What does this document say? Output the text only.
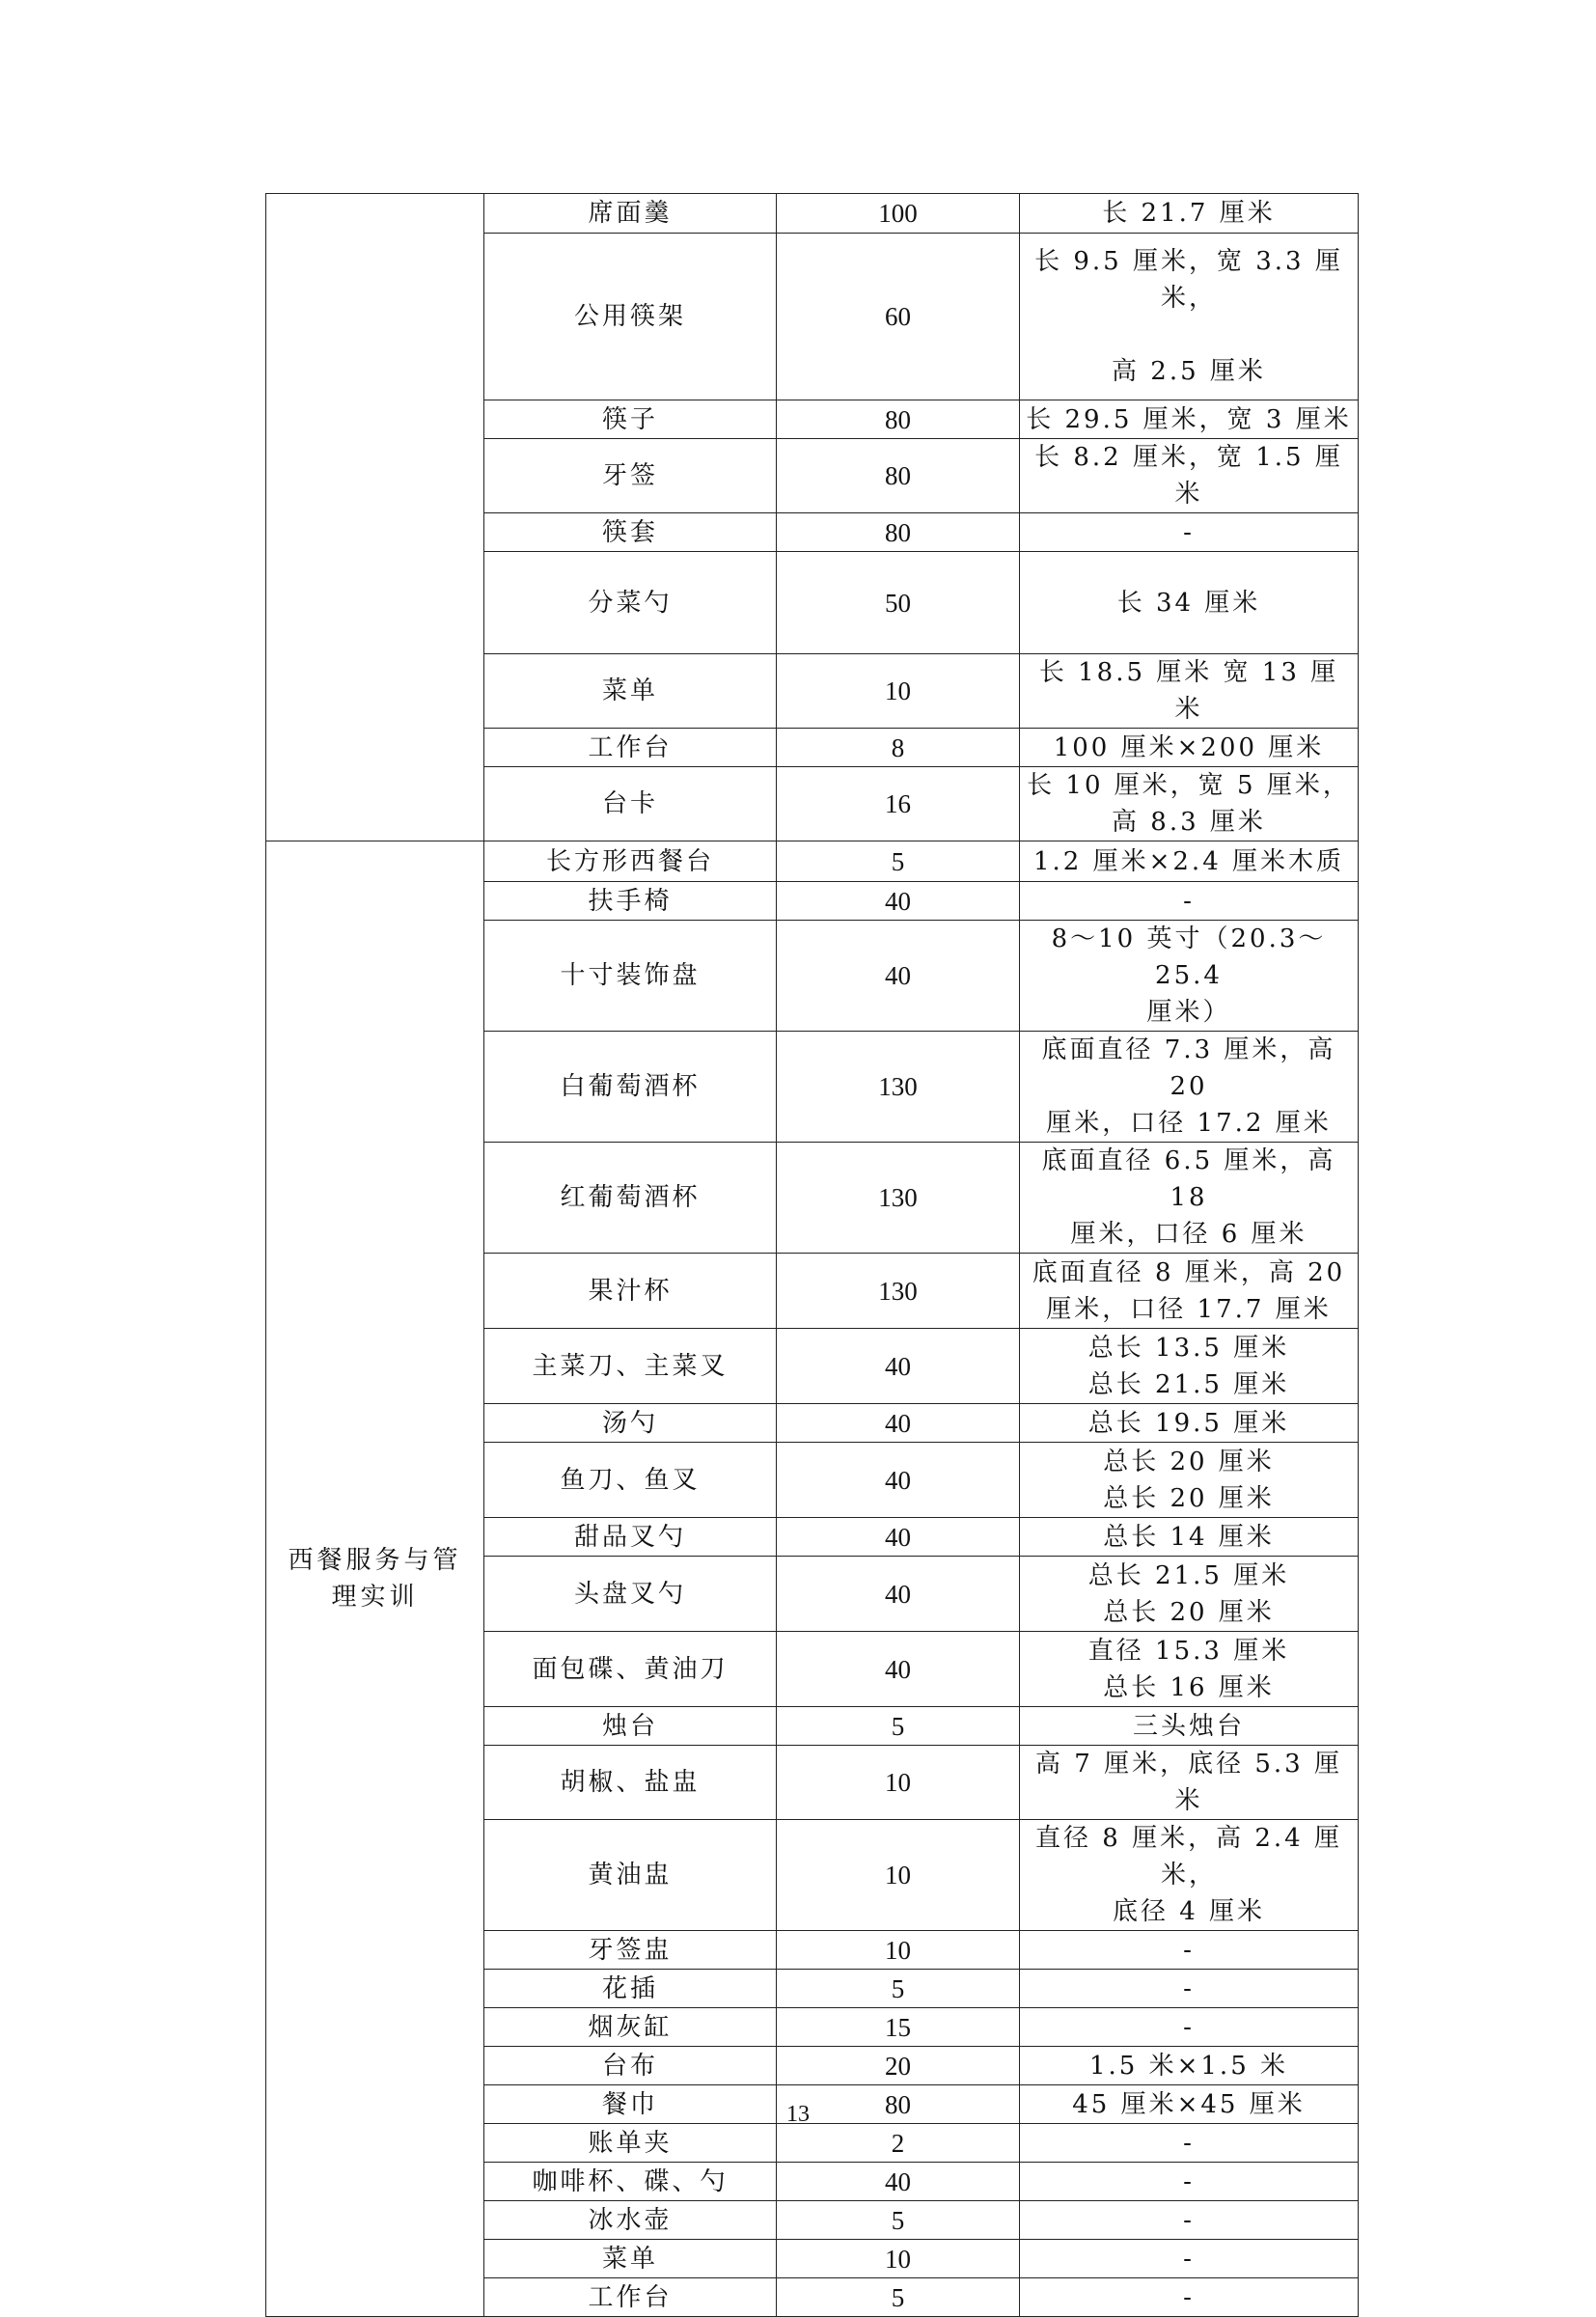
	席面羹	100	长 21.7 厘米
	公用筷架	60	长 9.5 厘米，宽 3.3 厘米，

高 2.5 厘米
	筷子	80	长 29.5 厘米，宽 3 厘米
	牙签	80	长 8.2 厘米，宽 1.5 厘米
	筷套	80	-
	分菜勺	50	长 34 厘米

	菜单	10	长 18.5 厘米 宽 13 厘米
	工作台	8	100 厘米×200 厘米
	台卡	16	长 10 厘米，宽 5 厘米，
高 8.3 厘米
西餐服务与管理实训	长方形西餐台	5	1.2 厘米×2.4 厘米木质
	扶手椅	40	-
	十寸装饰盘	40	8～10 英寸（20.3～25.4
厘米）
	白葡萄酒杯	130	底面直径 7.3 厘米，高 20
厘米，口径 17.2 厘米
	红葡萄酒杯	130	底面直径 6.5 厘米，高 18
厘米，口径 6 厘米
	果汁杯	130	底面直径 8 厘米，高 20
厘米，口径 17.7 厘米
	主菜刀、主菜叉	40	总长 13.5 厘米
总长 21.5 厘米
	汤勺	40	总长 19.5 厘米
	鱼刀、鱼叉	40	总长 20 厘米
总长 20 厘米
	甜品叉勺	40	总长 14 厘米
	头盘叉勺	40	总长 21.5 厘米
总长 20 厘米
	面包碟、黄油刀	40	直径 15.3 厘米
总长 16 厘米
	烛台	5	三头烛台
	胡椒、盐盅	10	高 7 厘米，底径 5.3 厘米
	黄油盅	10	直径 8 厘米，高 2.4 厘米，
底径 4 厘米
	牙签盅	10	-
	花插	5	-
	烟灰缸	15	-
	台布	20	1.5 米×1.5 米
	餐巾	80	45 厘米×45 厘米
	账单夹	2	-
	咖啡杯、碟、勺	40	-
	冰水壶	5	-
	菜单	10	-
	工作台	5	-
13
